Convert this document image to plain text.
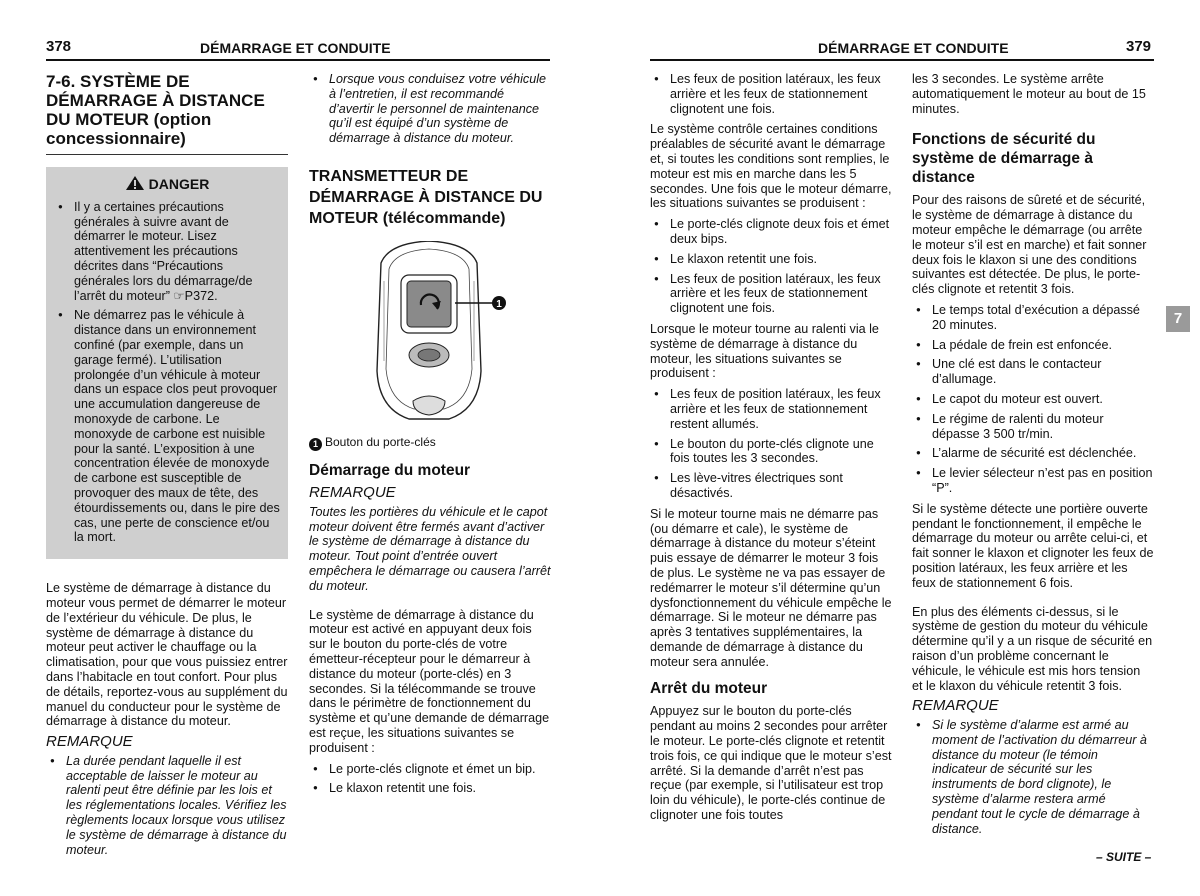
378	DÉMARRAGE ET CONDUITE	DÉMARRAGE ET CONDUITE	379
7-6. SYSTÈME DE DÉMARRAGE À DISTANCE DU MOTEUR (option concessionnaire)
DANGER
● Il y a certaines précautions générales à suivre avant de démarrer le moteur. Lisez attentivement les précautions décrites dans “Précautions générales lors du démarrage/de l’arrêt du moteur” ☞P372.
● Ne démarrez pas le véhicule à distance dans un environnement confiné (par exemple, dans un garage fermé). L’utilisation prolongée d’un véhicule à moteur dans un espace clos peut provoquer une accumulation dangereuse de monoxyde de carbone. Le monoxyde de carbone est nuisible pour la santé. L’exposition à une concentration élevée de monoxyde de carbone est susceptible de provoquer des maux de tête, des étourdissements ou, dans le pire des cas, une perte de conscience et/ou la mort.

Le système de démarrage à distance du moteur vous permet de démarrer le moteur de l’extérieur du véhicule. De plus, le système de démarrage à distance du moteur peut activer le chauffage ou la climatisation, pour que vous puissiez entrer dans l’habitacle en tout confort. Pour plus de détails, reportez-vous au supplément du manuel du conducteur pour le système de démarrage à distance du moteur.

REMARQUE
● La durée pendant laquelle il est acceptable de laisser le moteur au ralenti peut être définie par les lois et les réglementations locales. Vérifiez les règlements locaux lorsque vous utilisez le système de démarrage à distance du moteur.
● Lorsque vous conduisez votre véhicule à l’entretien, il est recommandé d’avertir le personnel de maintenance qu’il est équipé d’un système de démarrage à distance du moteur.
TRANSMETTEUR DE DÉMARRAGE À DISTANCE DU MOTEUR (télécommande)
1
1 Bouton du porte-clés
Démarrage du moteur
REMARQUE

Toutes les portières du véhicule et le capot moteur doivent être fermés avant d’activer le système de démarrage à distance du moteur. Tout point d’entrée ouvert empêchera le démarrage ou causera l’arrêt du moteur.

Le système de démarrage à distance du moteur est activé en appuyant deux fois sur le bouton du porte-clés de votre émetteur-récepteur pour le démarreur à distance du moteur (porte-clés) en 3 secondes. Si la télécommande se trouve dans le périmètre de fonctionnement du système et qu’une demande de démarrage est reçue, les situations suivantes se produisent :

● Le porte-clés clignote et émet un bip.
● Le klaxon retentit une fois.
● Les feux de position latéraux, les feux arrière et les feux de stationnement clignotent une fois.

Le système contrôle certaines conditions préalables de sécurité avant le démarrage et, si toutes les conditions sont remplies, le moteur est mis en marche dans les 5 secondes. Une fois que le moteur démarre, les situations suivantes se produisent :

● Le porte-clés clignote deux fois et émet deux bips.
● Le klaxon retentit une fois.
● Les feux de position latéraux, les feux arrière et les feux de stationnement clignotent une fois.

Lorsque le moteur tourne au ralenti via le système de démarrage à distance du moteur, les situations suivantes se produisent :

● Les feux de position latéraux, les feux arrière et les feux de stationnement restent allumés.
● Le bouton du porte-clés clignote une fois toutes les 3 secondes.
● Les lève-vitres électriques sont désactivés.

Si le moteur tourne mais ne démarre pas (ou démarre et cale), le système de démarrage à distance du moteur s’éteint puis essaye de démarrer le moteur 3 fois de plus. Le système ne va pas essayer de redémarrer le moteur s’il détermine qu’un dysfonctionnement du véhicule empêche le démarrage. Si le moteur ne démarre pas après 3 tentatives supplémentaires, la demande de démarrage à distance du moteur sera annulée.

Arrêt du moteur

Appuyez sur le bouton du porte-clés pendant au moins 2 secondes pour arrêter le moteur. Le porte-clés clignote et retentit trois fois, ce qui indique que le moteur s’est arrêté. Si la demande d’arrêt n’est pas reçue (par exemple, si l’utilisateur est trop loin du véhicule), le porte-clés continue de clignoter une fois toutes

les 3 secondes. Le système arrête automatiquement le moteur au bout de 15 minutes.

Fonctions de sécurité du système de démarrage à distance

Pour des raisons de sûreté et de sécurité, le système de démarrage à distance du moteur empêche le démarrage (ou arrête le moteur s’il est en marche) et fait sonner deux fois le klaxon si une des conditions suivantes est détectée. De plus, le porte-clés clignote et retentit 3 fois.

● Le temps total d’exécution a dépassé 20 minutes.
● La pédale de frein est enfoncée.
● Une clé est dans le contacteur d’allumage.
● Le capot du moteur est ouvert.
● Le régime de ralenti du moteur dépasse 3 500 tr/min.
● L’alarme de sécurité est déclenchée.
● Le levier sélecteur n’est pas en position “P”.

Si le système détecte une portière ouverte pendant le fonctionnement, il empêche le démarrage du moteur ou arrête celui-ci, et fait sonner le klaxon et clignoter les feux de position latéraux, les feux arrière et les feux de stationnement 6 fois.

En plus des éléments ci-dessus, si le système de gestion du moteur du véhicule détermine qu’il y a un risque de sécurité en raison d’un problème concernant le véhicule, le véhicule est mis hors tension et le klaxon du véhicule retentit 3 fois.

REMARQUE
● Si le système d’alarme est armé au moment de l’activation du démarreur à distance du moteur (le témoin indicateur de sécurité sur les instruments de bord clignote), le système d’alarme restera armé pendant tout le cycle de démarrage à distance.
7
– SUITE –
